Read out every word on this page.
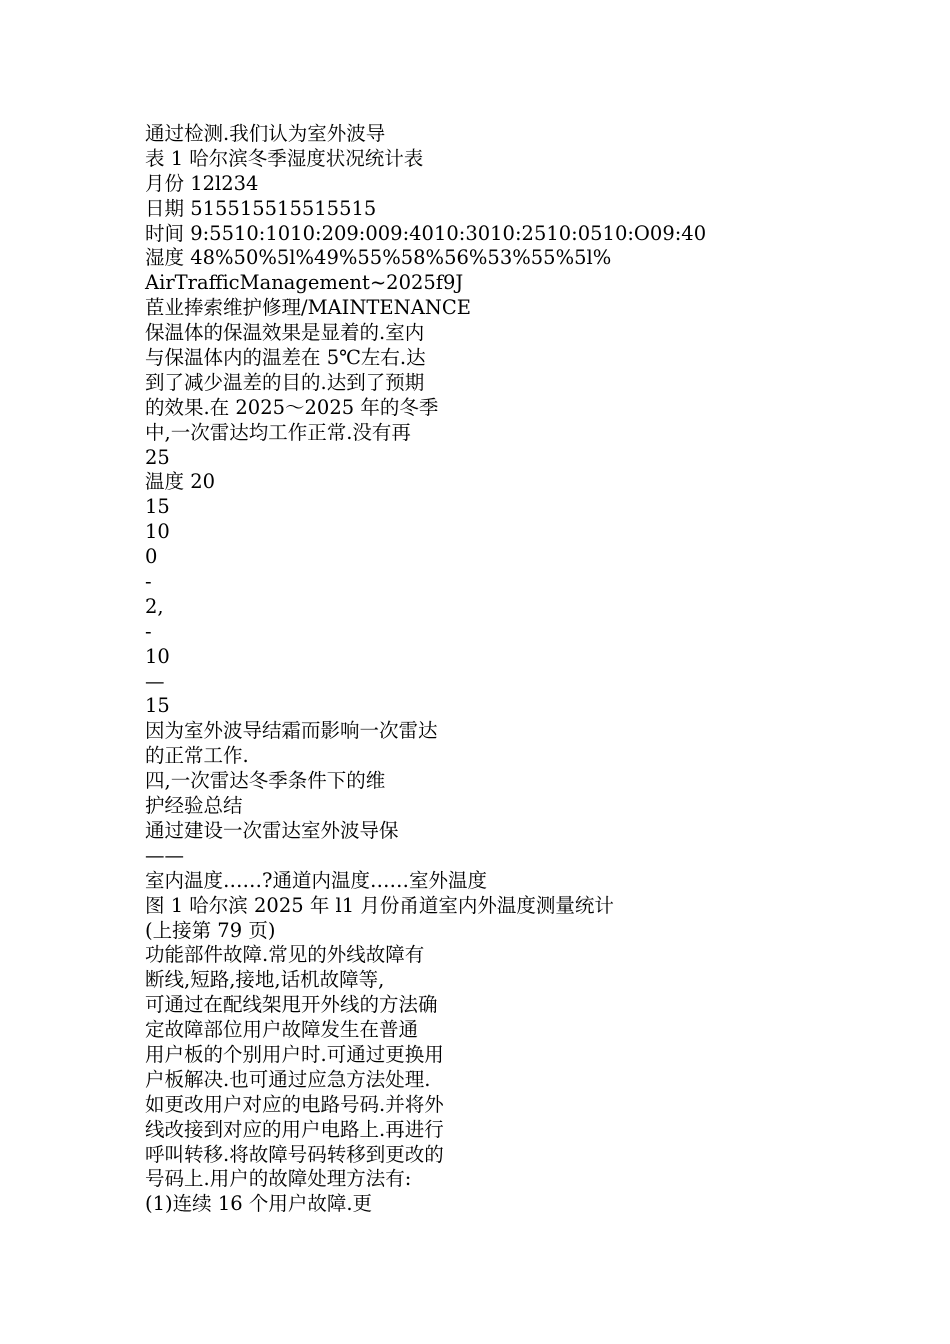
通过检测.我们认为室外波导
表 1 哈尔滨冬季湿度状况统计表
月份 12l234
日期 515515515515515
时间 9:5510:1010:209:009:4010:3010:2510:0510:O09:40
湿度 48%50%5l%49%55%58%56%53%55%5l%
AirTrafficManagement~2025f9J
茞业捧索维护修理/MAINTENANCE
保温体的保温效果是显着的.室内
与保温体内的温差在 5℃左右.达
到了减少温差的目的.达到了预期
的效果.在 2025～2025 年的冬季
中,一次雷达均工作正常.没有再
25
温度 20
15
10
0
-
2,
-
10
—
15
因为室外波导结霜而影响一次雷达
的正常工作.
四,一次雷达冬季条件下的维
护经验总结
通过建设一次雷达室外波导保
——
室内温度……?通道内温度……室外温度
图 1 哈尔滨 2025 年 l1 月份甬道室内外温度测量统计
(上接第 79 页)
功能部件故障.常见的外线故障有
断线,短路,接地,话机故障等,
可通过在配线架甩开外线的方法确
定故障部位用户故障发生在普通
用户板的个别用户时.可通过更换用
户板解决.也可通过应急方法处理.
如更改用户对应的电路号码.并将外
线改接到对应的用户电路上.再进行
呼叫转移.将故障号码转移到更改的
号码上.用户的故障处理方法有:
(1)连续 16 个用户故障.更
